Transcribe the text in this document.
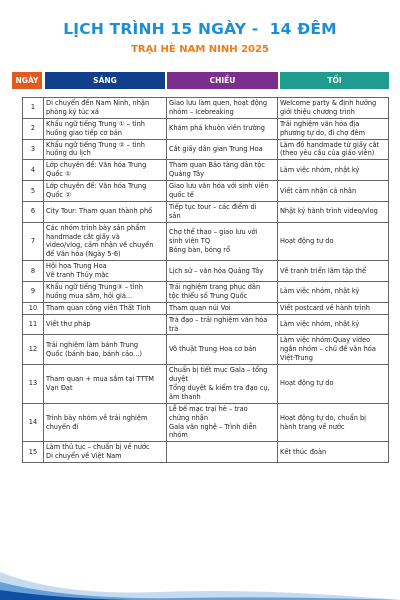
LỊCH TRÌNH 15 NGÀY -  14 ĐÊM
TRẠI HÈ NAM NINH 2025
NGÀY	SÁNG	CHIỀU	TỐI
1	Di chuyển đến Nam Ninh, nhận
phòng ký túc xá	Giao lưu làm quen, hoạt động
nhóm – Icebreaking	Welcome party & định hướng
giới thiệu chương trình
2	Khẩu ngữ tiếng Trung ① – tình
huống giao tiếp cơ bản	Khám phá khuôn viên trường	Trải nghiệm văn hóa địa
phương tự do, đi chợ đêm
3	Khẩu ngữ tiếng Trung ② – tình
huống du lịch	Cắt giấy dân gian Trung Hoa	Làm đồ handmade từ giấy cắt
(theo yêu cầu của giáo viên)
4	Lớp chuyên đề: Văn hóa Trung
Quốc ①	Tham quan Bảo tàng dân tộc
Quảng Tây	Làm việc nhóm, nhật ký
5	Lớp chuyên đề: Văn hóa Trung
Quốc ②	Giao lưu văn hóa với sinh viên
quốc tế	Viết cảm nhận cá nhân
6	City Tour: Tham quan thành phố	Tiếp tục tour – các điểm di
sản	Nhật ký hành trình video/vlog
7	Các nhóm trình bày sản phẩm
handmade cắt giấy và
video/vlog, cảm nhận về chuyến
để Văn hóa (Ngày 5-6)	Chợ thể thao – giao lưu với
sinh viên TQ
Bóng bàn, bóng rổ	Hoạt động tự do
8	Hội họa Trung Hoa
Vẽ tranh Thủy mặc	Lịch sử – văn hóa Quảng Tây	Vẽ tranh triển lãm tập thể
9	Khẩu ngữ tiếng Trung③ – tình
huống mua sắm, hỏi giá...	Trải nghiệm trang phục dân
tộc thiểu số Trung Quốc	Làm việc nhóm, nhật ký
10	Tham quan công viên Thất Tinh	Tham quan núi Voi	Viết postcard về hành trình
11	Viết thư pháp	Trà đạo – trải nghiệm văn hóa
trà	Làm việc nhóm, nhật ký
12	Trải nghiệm làm bánh Trung
Quốc (bánh bao, bánh cảo...)	Võ thuật Trung Hoa cơ bản	Làm việc nhóm:Quay video
ngắn nhóm – chủ đề văn hóa
Việt-Trung
13	Tham quan + mua sắm tại TTTM
Vạn Đạt	Chuẩn bị tiết mục Gala – tổng
duyệt
Tổng duyệt & kiểm tra đạo cụ,
âm thanh	Hoạt động tự do
14	Trình bày nhóm về trải nghiệm
chuyến đi	Lễ bế mạc trại hè – trao
chứng nhận
Gala văn nghệ – Trình diễn
nhóm	Hoạt động tự do, chuẩn bị
hành trang về nước
15	Làm thủ tục – chuẩn bị về nước
Di chuyển về Việt Nam		Kết thúc đoàn
